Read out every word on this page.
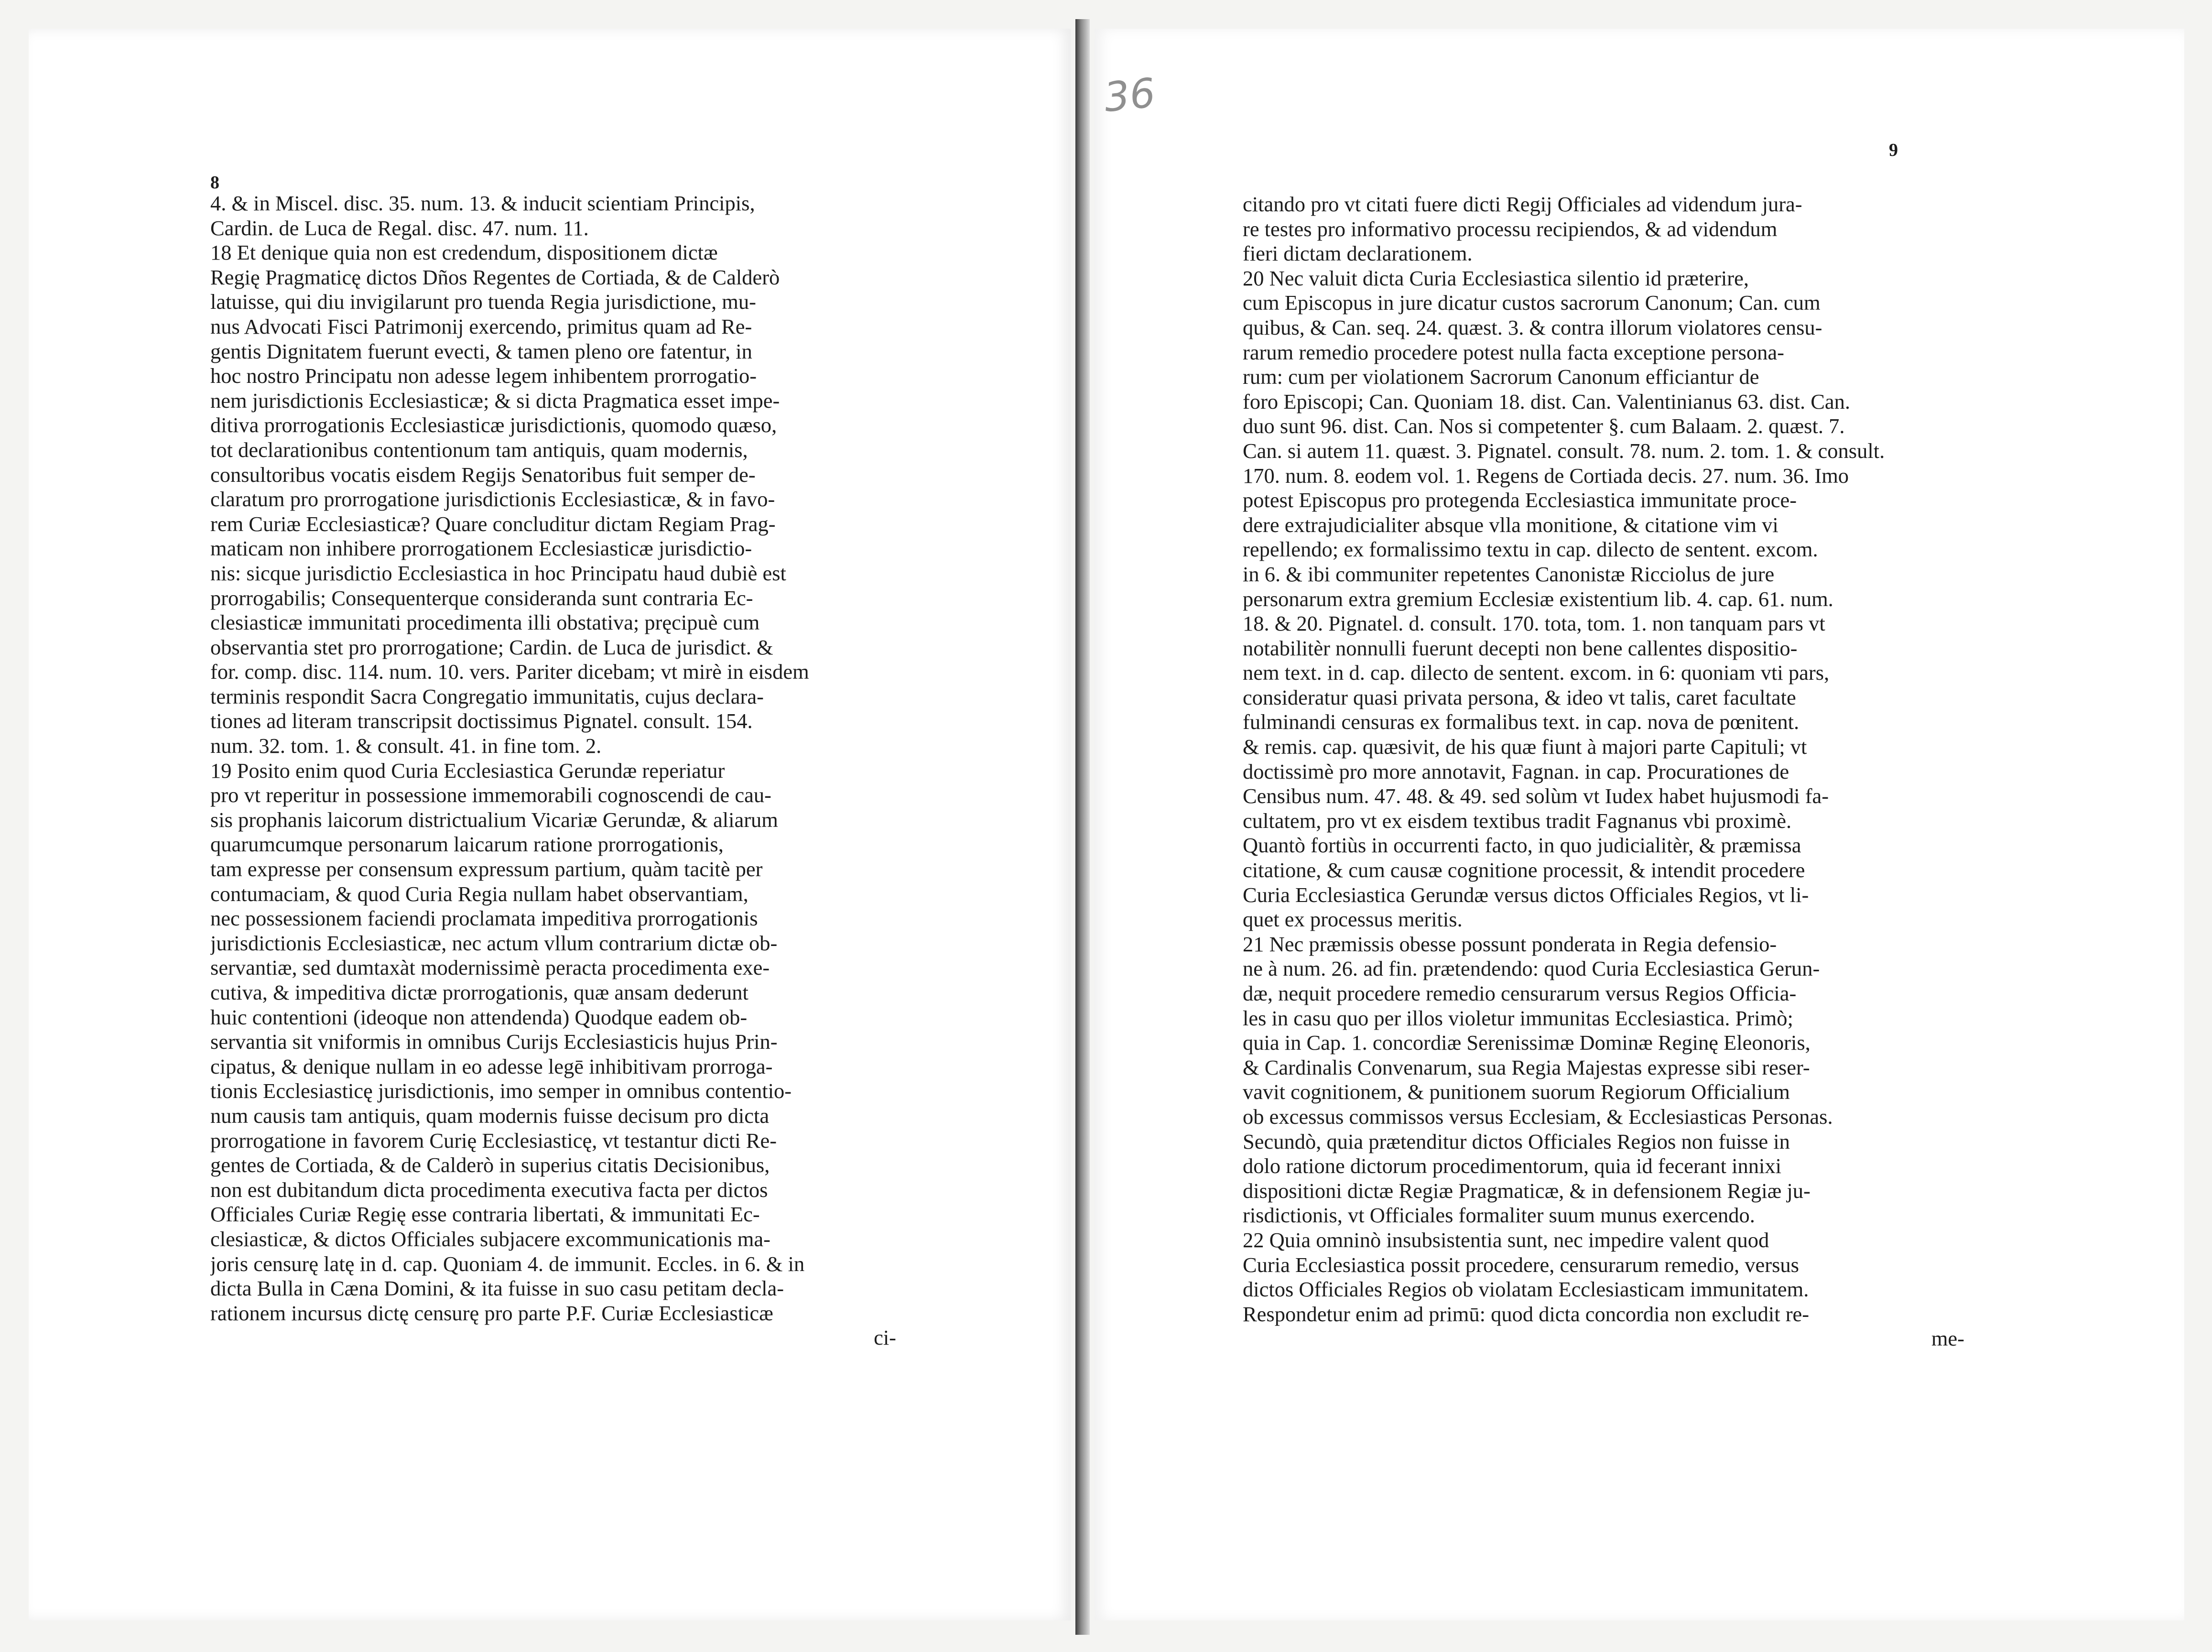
8
4. & in Miscel. disc. 35. num. 13. & inducit scientiam Principis,
Cardin. de Luca de Regal. disc. 47. num. 11.
18 Et denique quia non est credendum, dispositionem dictæ
Regię Pragmaticę dictos Dños Regentes de Cortiada, & de Calderò
latuisse, qui diu invigilarunt pro tuenda Regia jurisdictione, mu-
nus Advocati Fisci Patrimonij exercendo, primitus quam ad Re-
gentis Dignitatem fuerunt evecti, & tamen pleno ore fatentur, in
hoc nostro Principatu non adesse legem inhibentem prorrogatio-
nem jurisdictionis Ecclesiasticæ; & si dicta Pragmatica esset impe-
ditiva prorrogationis Ecclesiasticæ jurisdictionis, quomodo quæso,
tot declarationibus contentionum tam antiquis, quam modernis,
consultoribus vocatis eisdem Regijs Senatoribus fuit semper de-
claratum pro prorrogatione jurisdictionis Ecclesiasticæ, & in favo-
rem Curiæ Ecclesiasticæ? Quare concluditur dictam Regiam Prag-
maticam non inhibere prorrogationem Ecclesiasticæ jurisdictio-
nis: sicque jurisdictio Ecclesiastica in hoc Principatu haud dubiè est
prorrogabilis; Consequenterque consideranda sunt contraria Ec-
clesiasticæ immunitati procedimenta illi obstativa; pręcipuè cum
observantia stet pro prorrogatione; Cardin. de Luca de jurisdict. &
for. comp. disc. 114. num. 10. vers. Pariter dicebam; vt mirè in eisdem
terminis respondit Sacra Congregatio immunitatis, cujus declara-
tiones ad literam transcripsit doctissimus Pignatel. consult. 154.
num. 32. tom. 1. & consult. 41. in fine tom. 2.
19 Posito enim quod Curia Ecclesiastica Gerundæ reperiatur
pro vt reperitur in possessione immemorabili cognoscendi de cau-
sis prophanis laicorum districtualium Vicariæ Gerundæ, & aliarum
quarumcumque personarum laicarum ratione prorrogationis,
tam expresse per consensum expressum partium, quàm tacitè per
contumaciam, & quod Curia Regia nullam habet observantiam,
nec possessionem faciendi proclamata impeditiva prorrogationis
jurisdictionis Ecclesiasticæ, nec actum vllum contrarium dictæ ob-
servantiæ, sed dumtaxàt modernissimè peracta procedimenta exe-
cutiva, & impeditiva dictæ prorrogationis, quæ ansam dederunt
huic contentioni (ideoque non attendenda) Quodque eadem ob-
servantia sit vniformis in omnibus Curijs Ecclesiasticis hujus Prin-
cipatus, & denique nullam in eo adesse legē inhibitivam prorroga-
tionis Ecclesiasticę jurisdictionis, imo semper in omnibus contentio-
num causis tam antiquis, quam modernis fuisse decisum pro dicta
prorrogatione in favorem Curię Ecclesiasticę, vt testantur dicti Re-
gentes de Cortiada, & de Calderò in superius citatis Decisionibus,
non est dubitandum dicta procedimenta executiva facta per dictos
Officiales Curiæ Regię esse contraria libertati, & immunitati Ec-
clesiasticæ, & dictos Officiales subjacere excommunicationis ma-
joris censurę latę in d. cap. Quoniam 4. de immunit. Eccles. in 6. & in
dicta Bulla in Cæna Domini, & ita fuisse in suo casu petitam decla-
rationem incursus dictę censurę pro parte P.F. Curiæ Ecclesiasticæ
ci-
9
citando pro vt citati fuere dicti Regij Officiales ad videndum jura-
re testes pro informativo processu recipiendos, & ad videndum
fieri dictam declarationem.
20 Nec valuit dicta Curia Ecclesiastica silentio id præterire,
cum Episcopus in jure dicatur custos sacrorum Canonum; Can. cum
quibus, & Can. seq. 24. quæst. 3. & contra illorum violatores censu-
rarum remedio procedere potest nulla facta exceptione persona-
rum: cum per violationem Sacrorum Canonum efficiantur de
foro Episcopi; Can. Quoniam 18. dist. Can. Valentinianus 63. dist. Can.
duo sunt 96. dist. Can. Nos si competenter §. cum Balaam. 2. quæst. 7.
Can. si autem 11. quæst. 3. Pignatel. consult. 78. num. 2. tom. 1. & consult.
170. num. 8. eodem vol. 1. Regens de Cortiada decis. 27. num. 36. Imo
potest Episcopus pro protegenda Ecclesiastica immunitate proce-
dere extrajudicialiter absque vlla monitione, & citatione vim vi
repellendo; ex formalissimo textu in cap. dilecto de sentent. excom.
in 6. & ibi communiter repetentes Canonistæ Ricciolus de jure
personarum extra gremium Ecclesiæ existentium lib. 4. cap. 61. num.
18. & 20. Pignatel. d. consult. 170. tota, tom. 1. non tanquam pars vt
notabilitèr nonnulli fuerunt decepti non bene callentes dispositio-
nem text. in d. cap. dilecto de sentent. excom. in 6: quoniam vti pars,
consideratur quasi privata persona, & ideo vt talis, caret facultate
fulminandi censuras ex formalibus text. in cap. nova de pœnitent.
& remis. cap. quæsivit, de his quæ fiunt à majori parte Capituli; vt
doctissimè pro more annotavit, Fagnan. in cap. Procurationes de
Censibus num. 47. 48. & 49. sed solùm vt Iudex habet hujusmodi fa-
cultatem, pro vt ex eisdem textibus tradit Fagnanus vbi proximè.
Quantò fortiùs in occurrenti facto, in quo judicialitèr, & præmissa
citatione, & cum causæ cognitione processit, & intendit procedere
Curia Ecclesiastica Gerundæ versus dictos Officiales Regios, vt li-
quet ex processus meritis.
21 Nec præmissis obesse possunt ponderata in Regia defensio-
ne à num. 26. ad fin. prætendendo: quod Curia Ecclesiastica Gerun-
dæ, nequit procedere remedio censurarum versus Regios Officia-
les in casu quo per illos violetur immunitas Ecclesiastica. Primò;
quia in Cap. 1. concordiæ Serenissimæ Dominæ Reginę Eleonoris,
& Cardinalis Convenarum, sua Regia Majestas expresse sibi reser-
vavit cognitionem, & punitionem suorum Regiorum Officialium
ob excessus commissos versus Ecclesiam, & Ecclesiasticas Personas.
Secundò, quia prætenditur dictos Officiales Regios non fuisse in
dolo ratione dictorum procedimentorum, quia id fecerant innixi
dispositioni dictæ Regiæ Pragmaticæ, & in defensionem Regiæ ju-
risdictionis, vt Officiales formaliter suum munus exercendo.
22 Quia omninò insubsistentia sunt, nec impedire valent quod
Curia Ecclesiastica possit procedere, censurarum remedio, versus
dictos Officiales Regios ob violatam Ecclesiasticam immunitatem.
Respondetur enim ad primū: quod dicta concordia non excludit re-
me-
36
